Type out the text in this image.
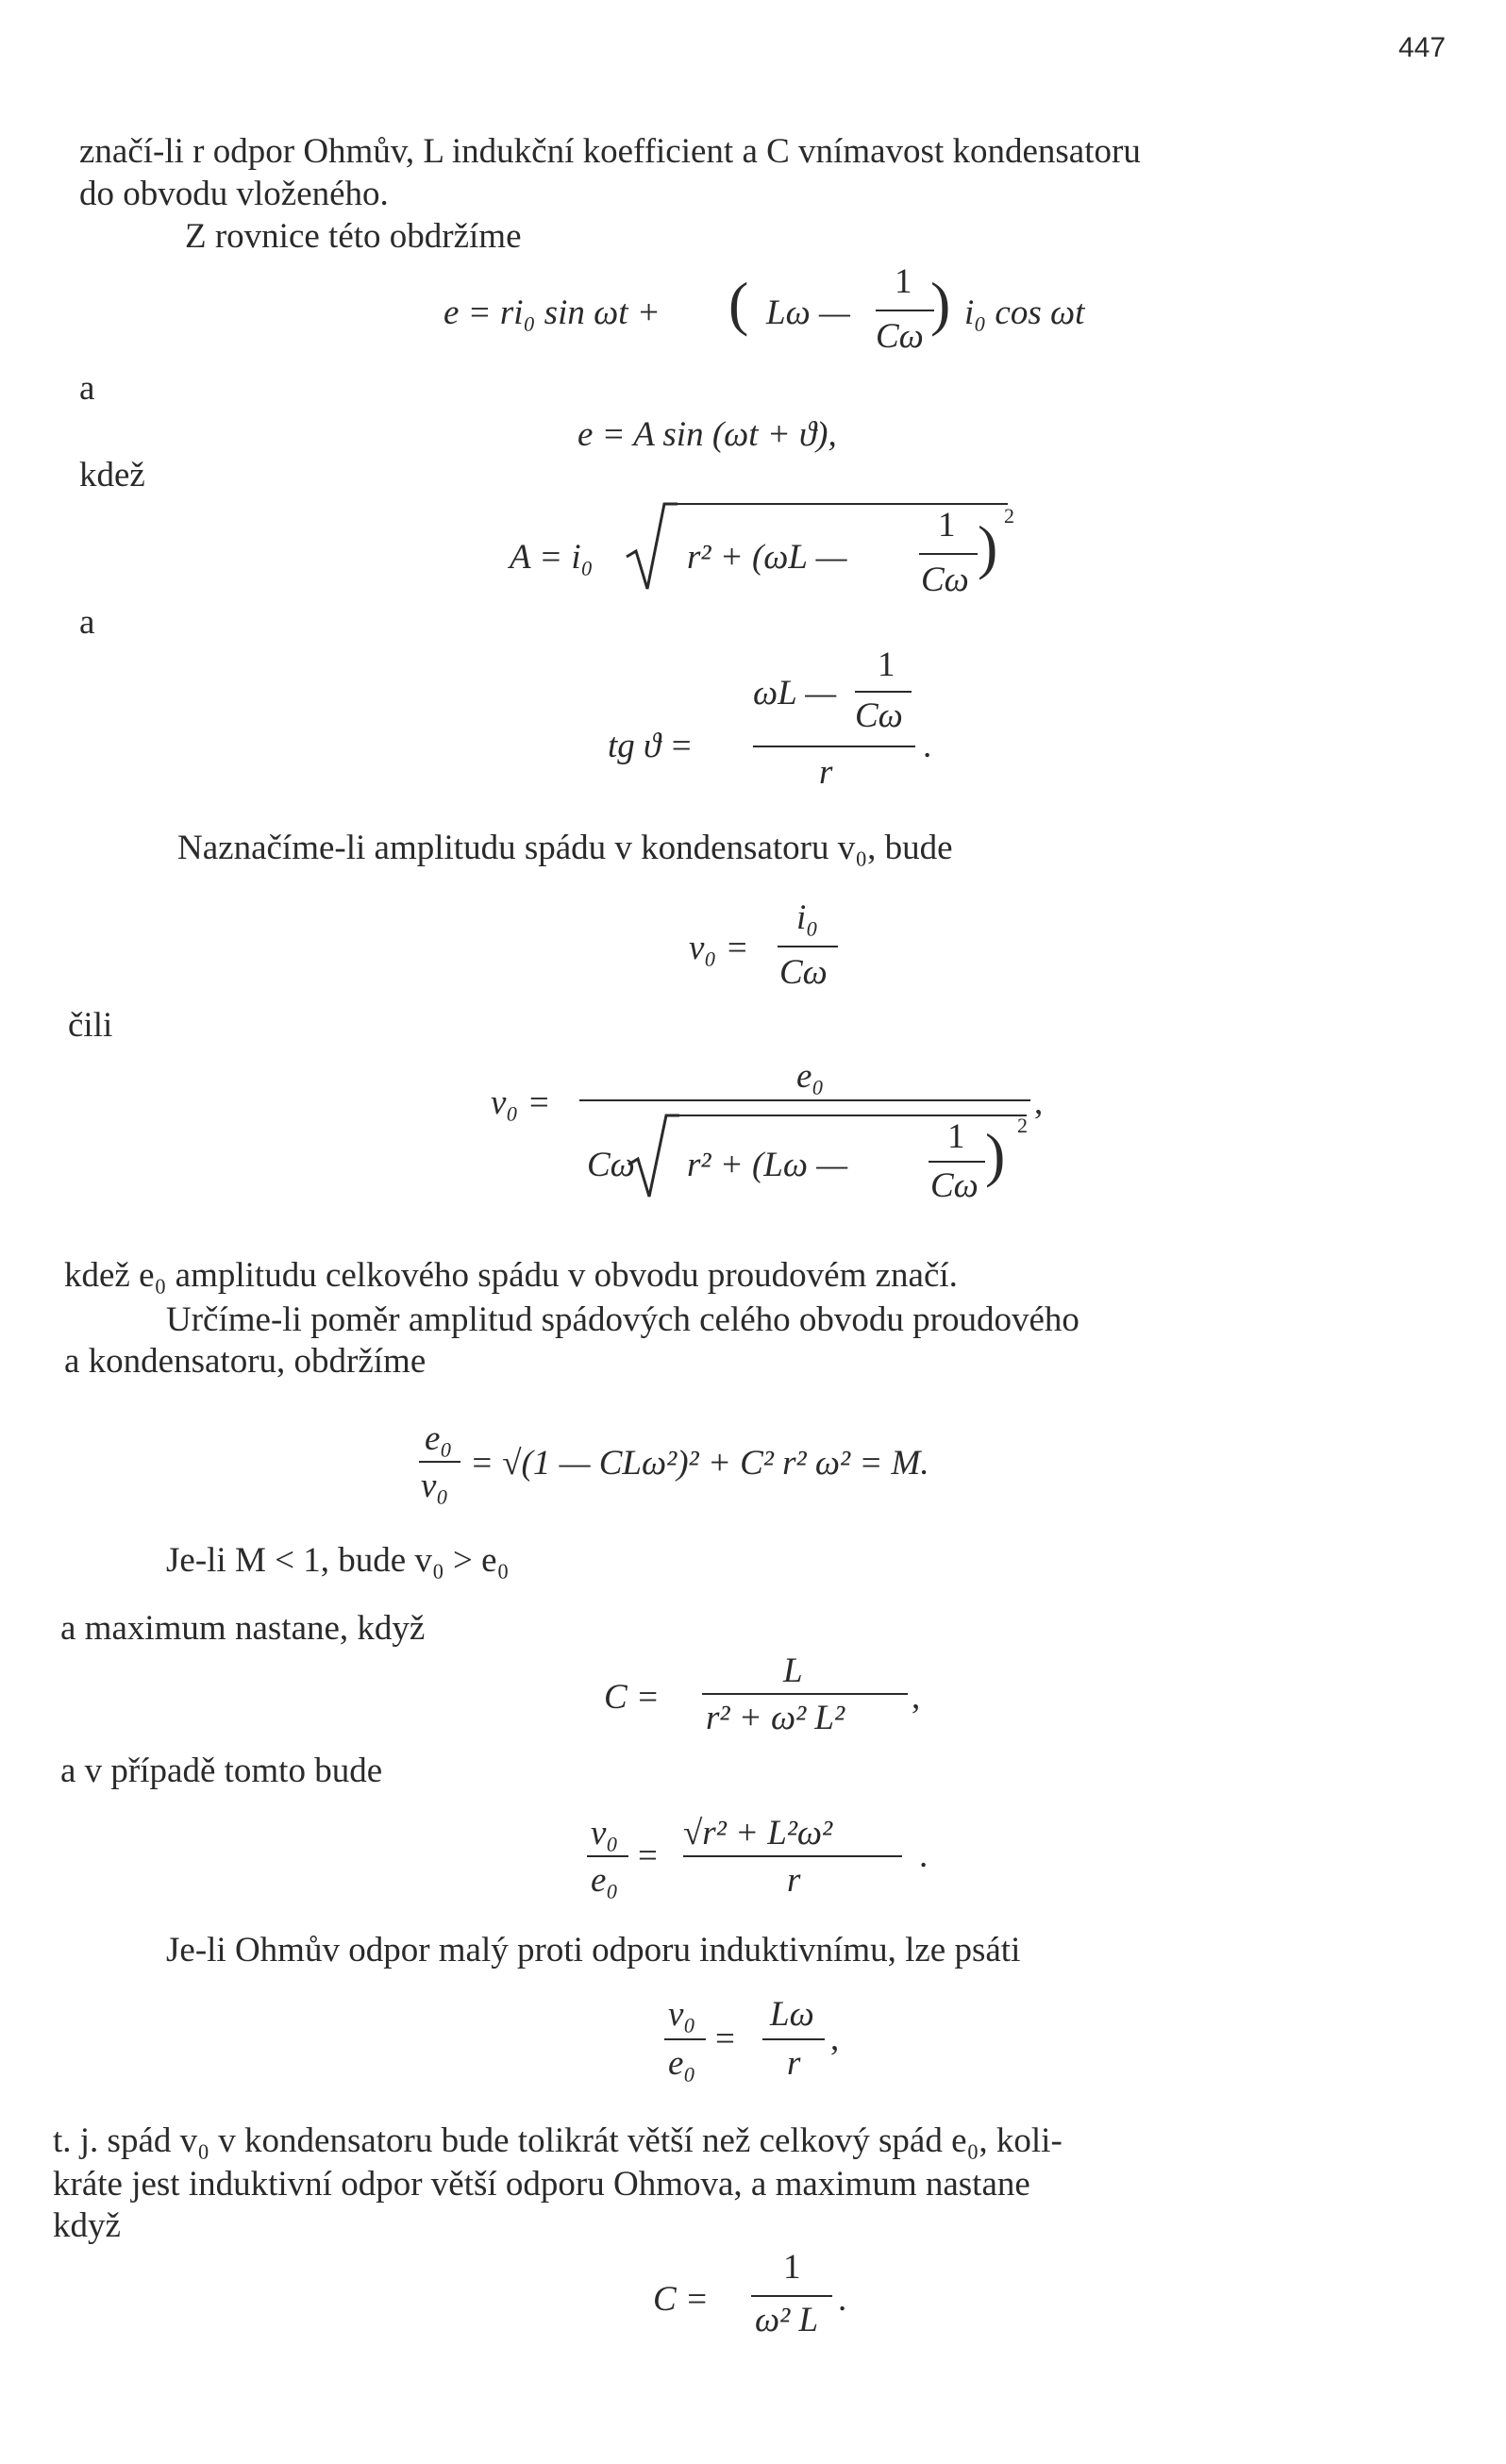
447
značí-li r odpor Ohmův, L indukční koefficient a C vnímavost kondensatoru
do obvodu vloženého.
Z rovnice této obdržíme
e = ri₀ sin ωt + ( Lω —
1
Cω ) i₀ cos ωt
a
e = A sin (ωt + ϑ),
kdež
A = i₀	r² + (ωL —
1
Cω ) 2
a
tg ϑ =
ωL —
1
Cω
r
.
Naznačíme-li amplitudu spádu v kondensatoru v₀, bude
v₀ =
i₀
Cω
čili
v₀ =
e₀
,
Cω r² + (Lω —
1
Cω ) 2
kdež e₀ amplitudu celkového spádu v obvodu proudovém značí.
Určíme-li poměr amplitud spádových celého obvodu proudového
a kondensatoru, obdržíme
e₀
v₀
= √(1 — CLω²)² + C² r² ω² = M.
Je-li M < 1, bude v₀ > e₀
a maximum nastane, když
C =
L
r² + ω² L²
,
a v případě tomto bude
v₀
e₀
=
√r² + L²ω²
r
.
Je-li Ohmův odpor malý proti odporu induktivnímu, lze psáti
v₀
e₀
=
Lω
r
,
t. j. spád v₀ v kondensatoru bude tolikrát větší než celkový spád e₀, koli-
kráte jest induktivní odpor větší odporu Ohmova, a maximum nastane
když
C =
1
ω² L
.
